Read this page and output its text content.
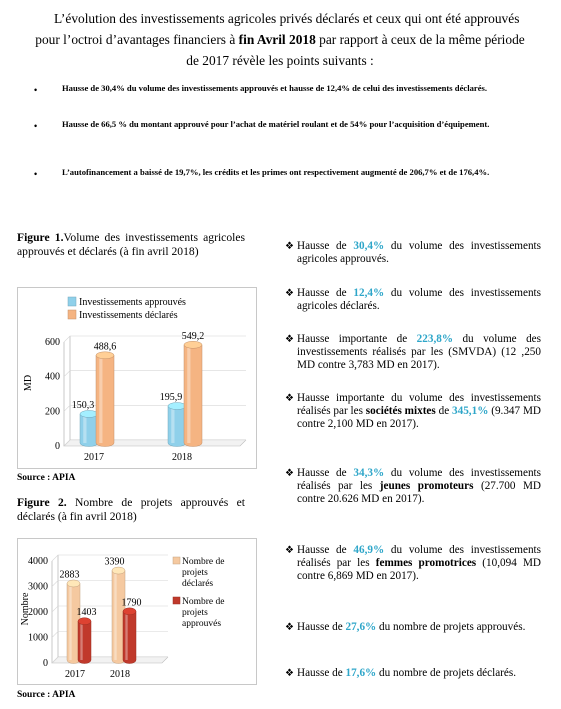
L’évolution des investissements agricoles privés déclarés et ceux qui ont été approuvés
pour l’octroi d’avantages financiers à fin Avril 2018 par rapport à ceux de la même période
de 2017 révèle les points suivants :
•	Hausse de 30,4% du volume des investissements approuvés et hausse de 12,4% de celui des investissements déclarés.
•	Hausse de 66,5 % du montant approuvé pour l’achat de matériel roulant et de 54% pour l’acquisition d’équipement.
•	L’autofinancement a baissé de 19,7%, les crédits et les primes ont respectivement augmenté de 206,7% et de 176,4%.
Figure 1.Volume des investissements agricoles approuvés et déclarés (à fin avril 2018)
0
200
400
600
MD
2017
150,3
488,6
2018
195,9
549,2
Investissements approuvés
Investissements déclarés
Source : APIA
Figure 2. Nombre de projets approuvés et déclarés (à fin avril 2018)
0
1000
2000
3000
4000
Nombre
2017
2883
1403
2018
3390
1790
Nombre de
projets
déclarés
Nombre de
projets
approuvés
Source : APIA
❖ Hausse de 30,4% du volume des investissements agricoles approuvés.
❖ Hausse de 12,4% du volume des investissements agricoles déclarés.
❖ Hausse importante de 223,8% du volume des investissements réalisés par les (SMVDA) (12 ,250 MD contre 3,783 MD en 2017).
❖ Hausse importante du volume des investissements réalisés par les sociétés mixtes de 345,1% (9.347 MD contre 2,100 MD en 2017).
❖ Hausse de 34,3% du volume des investissements réalisés par les jeunes promoteurs (27.700 MD contre 20.626 MD en 2017).
❖ Hausse de 46,9% du volume des investissements réalisés par les femmes promotrices (10,094 MD contre 6,869 MD en 2017).
❖ Hausse de 27,6% du nombre de projets approuvés.
❖ Hausse de 17,6% du nombre de projets déclarés.
